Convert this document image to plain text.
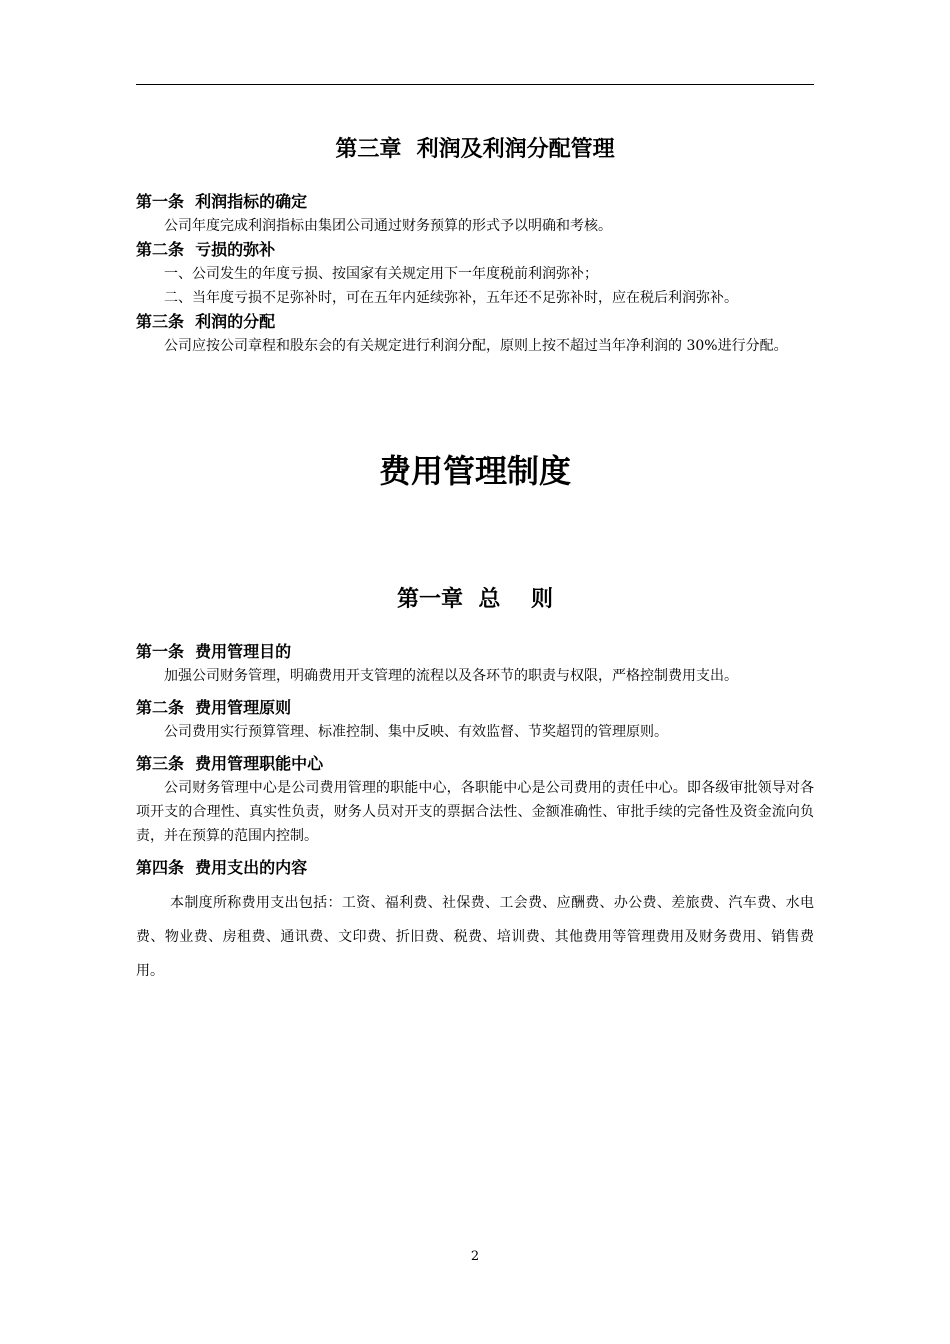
第三章  利润及利润分配管理
第一条  利润指标的确定

公司年度完成利润指标由集团公司通过财务预算的形式予以明确和考核。

第二条  亏损的弥补

一、公司发生的年度亏损、按国家有关规定用下一年度税前利润弥补；

二、当年度亏损不足弥补时，可在五年内延续弥补，五年还不足弥补时，应在税后利润弥补。

第三条  利润的分配

公司应按公司章程和股东会的有关规定进行利润分配，原则上按不超过当年净利润的 30%进行分配。

费用管理制度
第一章  总    则
第一条  费用管理目的

加强公司财务管理，明确费用开支管理的流程以及各环节的职责与权限，严格控制费用支出。

第二条  费用管理原则

公司费用实行预算管理、标准控制、集中反映、有效监督、节奖超罚的管理原则。

第三条  费用管理职能中心

公司财务管理中心是公司费用管理的职能中心，各职能中心是公司费用的责任中心。即各级审批领导对各项开支的合理性、真实性负责，财务人员对开支的票据合法性、金额准确性、审批手续的完备性及资金流向负责，并在预算的范围内控制。

第四条  费用支出的内容

本制度所称费用支出包括：工资、福利费、社保费、工会费、应酬费、办公费、差旅费、汽车费、水电费、物业费、房租费、通讯费、文印费、折旧费、税费、培训费、其他费用等管理费用及财务费用、销售费用。

2
